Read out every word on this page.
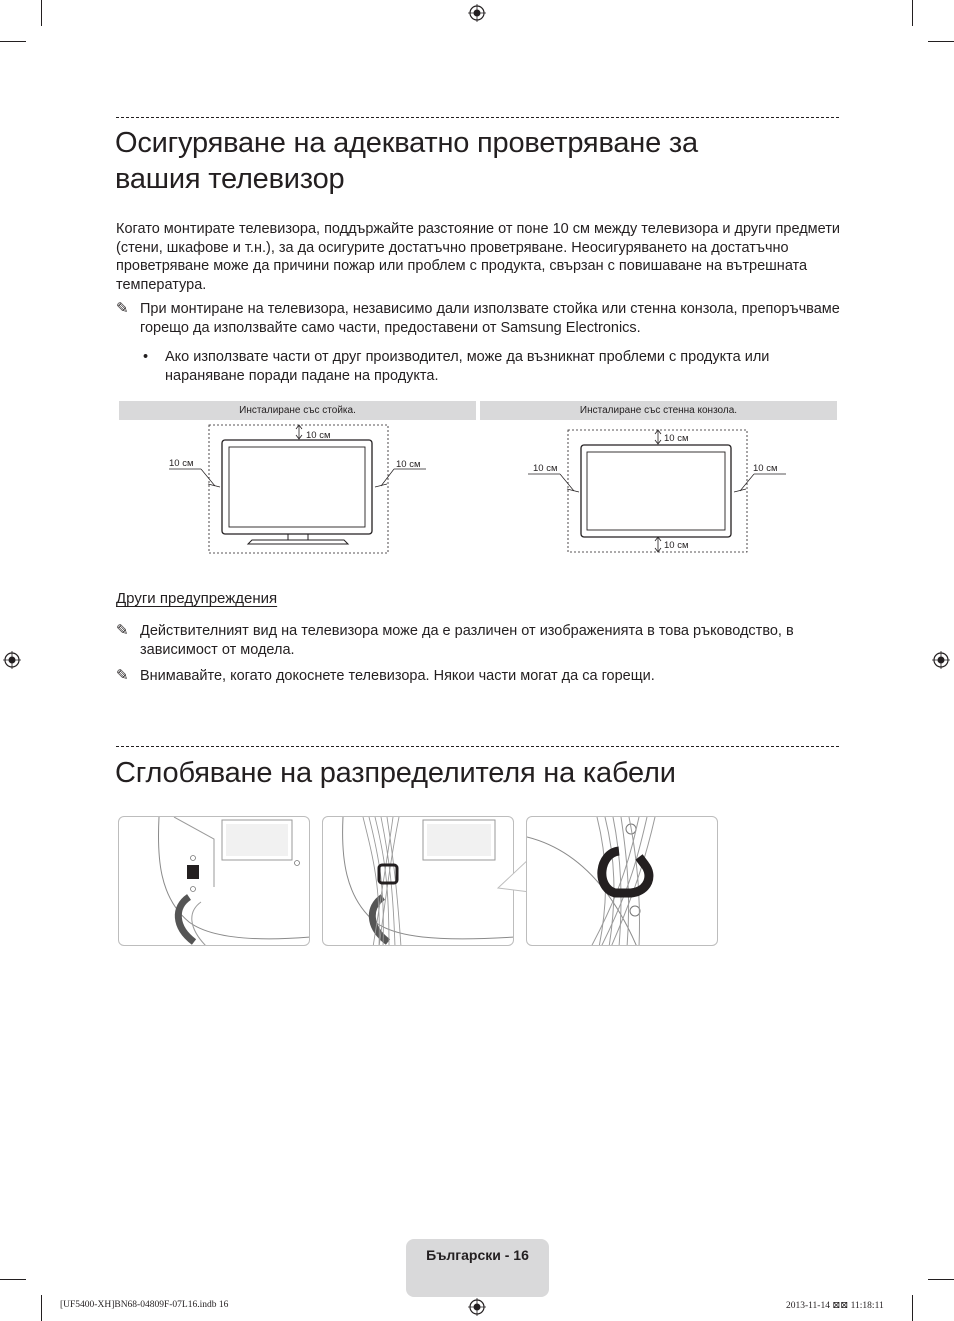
Осигуряване на адекватно проветряване за
вашия телевизор
Когато монтирате телевизора, поддържайте разстояние от поне 10 см между телевизора и други предмети (стени, шкафове и т.н.), за да осигурите достатъчно проветряване. Неосигуряването на достатъчно проветряване може да причини пожар или проблем с продукта, свързан с повишаване на вътрешната температура.
✎ При монтиране на телевизора, независимо дали използвате стойка или стенна конзола, препоръчваме горещо да използвайте само части, предоставени от Samsung Electronics.
• Ако използвате части от друг производител, може да възникнат проблеми с продукта или нараняване поради падане на продукта.
Инсталиране със стойка.	Инсталиране със стенна конзола.
10 см
10 см	10 см
10 см
10 см
10 см	10 см
Други предупреждения
✎ Действителният вид на телевизора може да е различен от изображенията в това ръководство, в зависимост от модела.
✎ Внимавайте, когато докоснете телевизора. Някои части могат да са горещи.
Сглобяване на разпределителя на кабели
Български - 16
[UF5400-XH]BN68-04809F-07L16.indb 16	2013-11-14 ⊠⊠ 11:18:11
